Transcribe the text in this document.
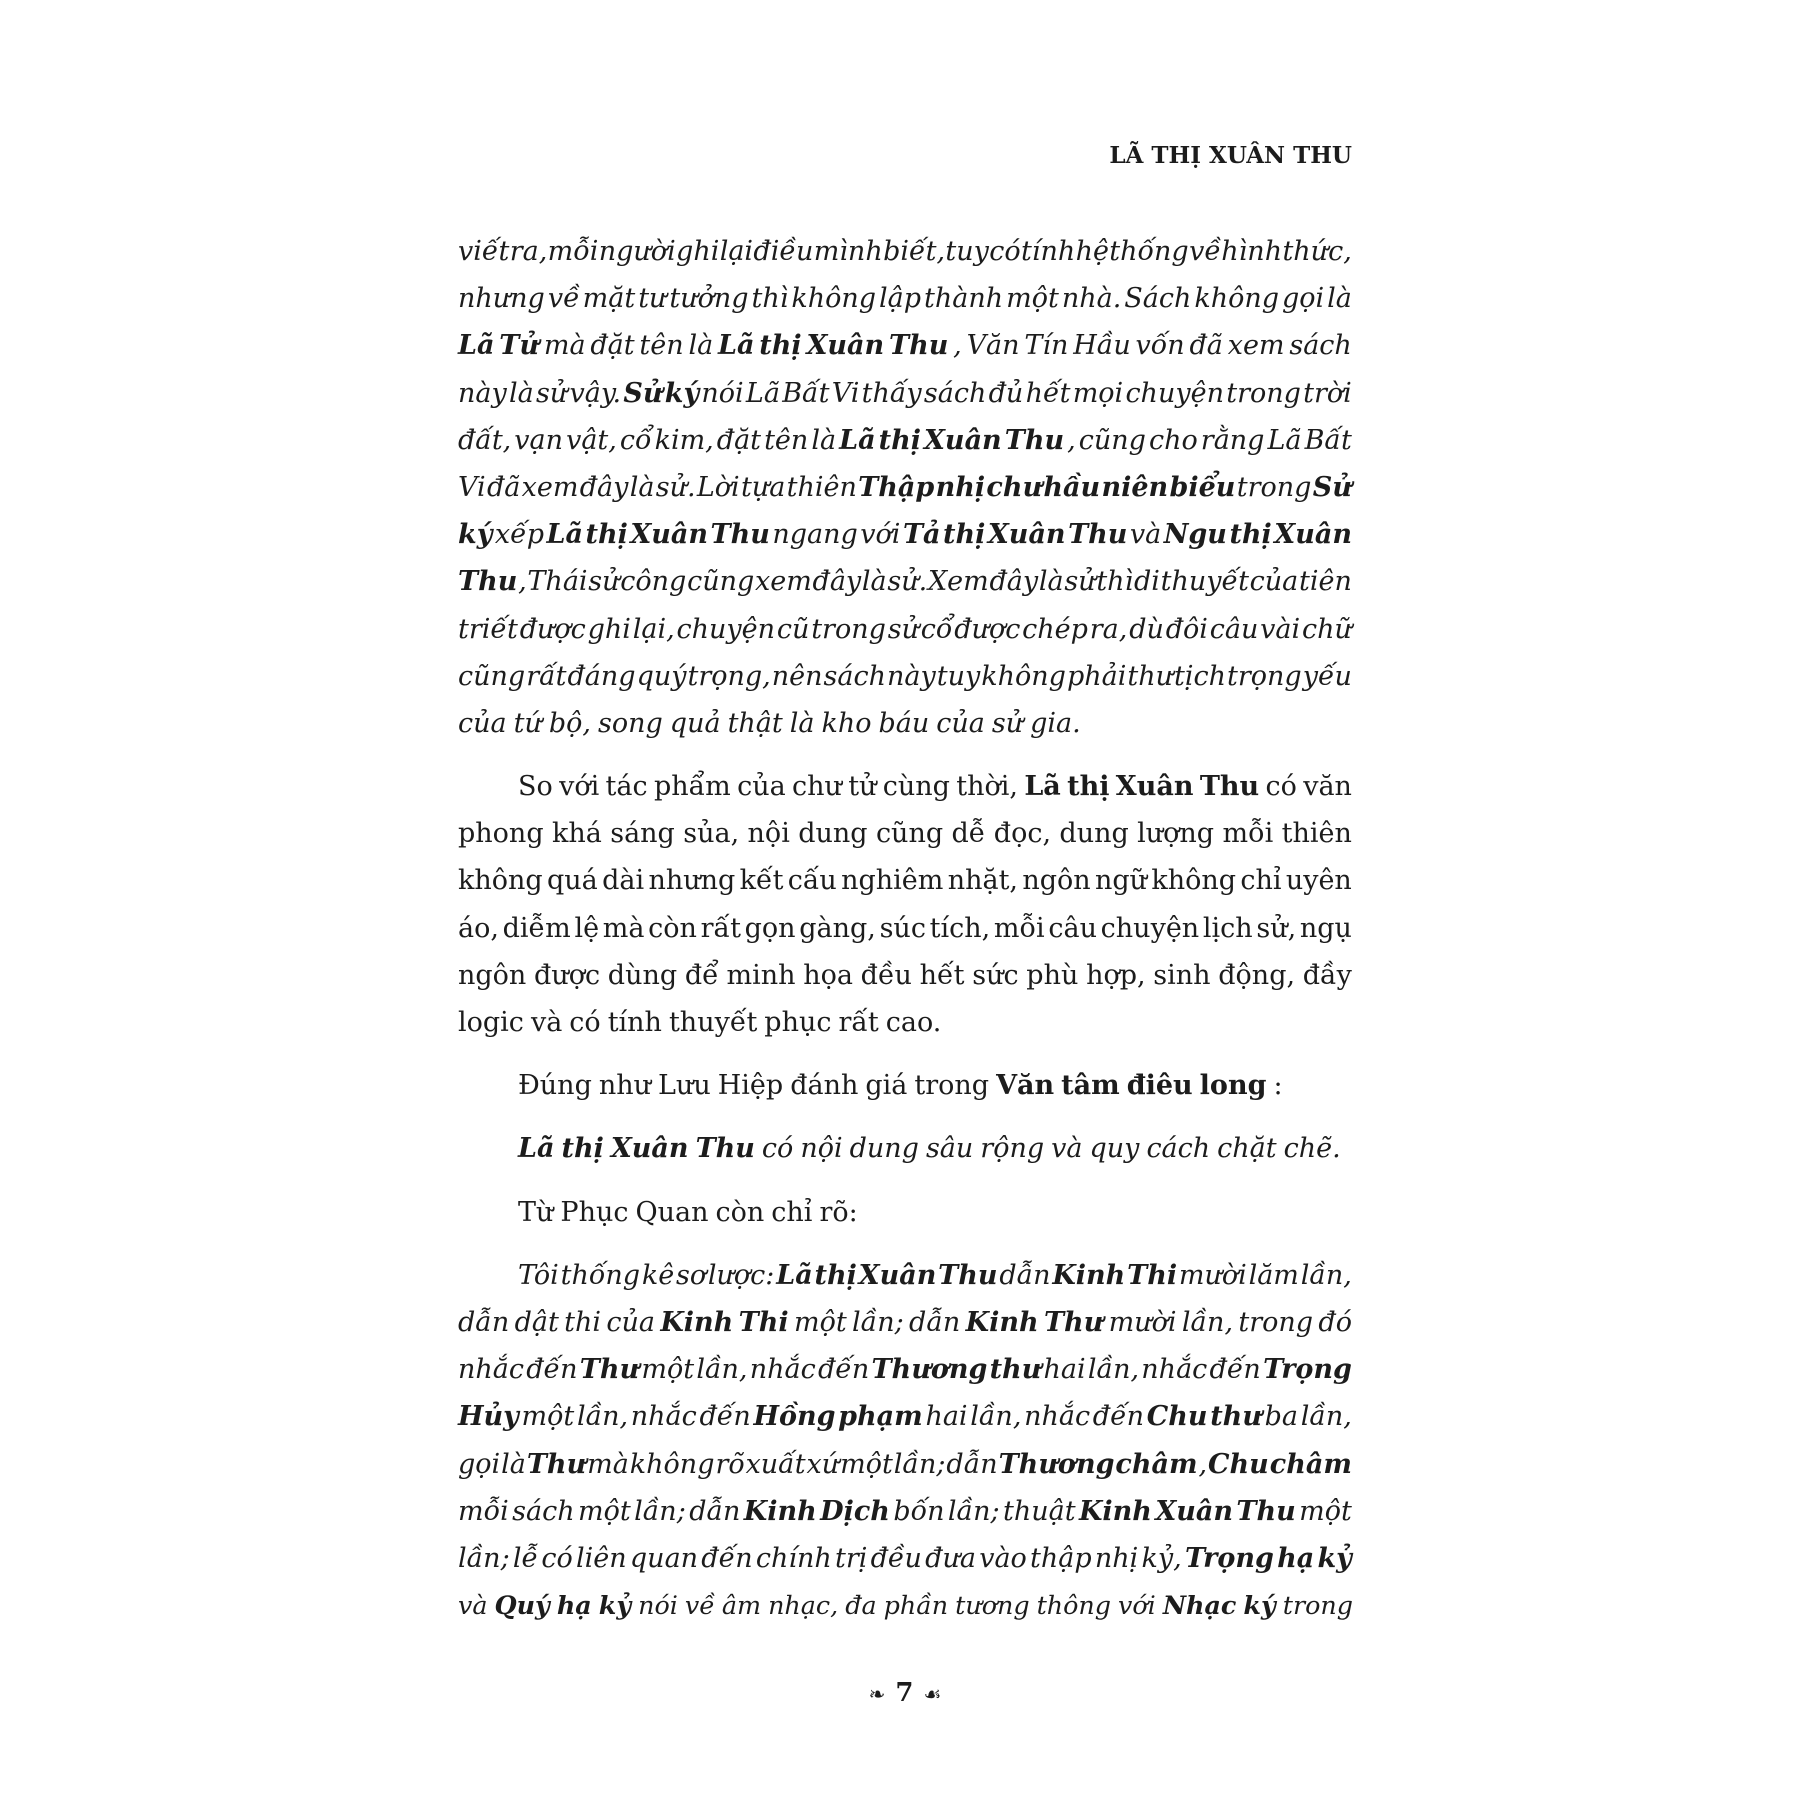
LÃ THỊ XUÂN THU
viết ra, mỗi người ghi lại điều mình biết, tuy có tính hệ thống về hình thức,
nhưng về mặt tư tưởng thì không lập thành một nhà. Sách không gọi là
Lã Tử mà đặt tên là Lã thị Xuân Thu , Văn Tín Hầu vốn đã xem sách
này là sử vậy. Sử ký nói Lã Bất Vi thấy sách đủ hết mọi chuyện trong trời
đất, vạn vật, cổ kim, đặt tên là Lã thị Xuân Thu , cũng cho rằng Lã Bất
Vi đã xem đây là sử. Lời tựa thiên Thập nhị chư hầu niên biểu trong Sử
ký xếp Lã thị Xuân Thu ngang với Tả thị Xuân Thu và Ngu thị Xuân
Thu , Thái sử công cũng xem đây là sử. Xem đây là sử thì di thuyết của tiên
triết được ghi lại, chuyện cũ trong sử cổ được chép ra, dù đôi câu vài chữ
cũng rất đáng quý trọng, nên sách này tuy không phải thư tịch trọng yếu
của tứ bộ, song quả thật là kho báu của sử gia.
So với tác phẩm của chư tử cùng thời, Lã thị Xuân Thu có văn
phong khá sáng sủa, nội dung cũng dễ đọc, dung lượng mỗi thiên
không quá dài nhưng kết cấu nghiêm nhặt, ngôn ngữ không chỉ uyên
áo, diễm lệ mà còn rất gọn gàng, súc tích, mỗi câu chuyện lịch sử, ngụ
ngôn được dùng để minh họa đều hết sức phù hợp, sinh động, đầy
logic và có tính thuyết phục rất cao.
Đúng như Lưu Hiệp đánh giá trong Văn tâm điêu long :
Lã thị Xuân Thu có nội dung sâu rộng và quy cách chặt chẽ.
Từ Phục Quan còn chỉ rõ:
Tôi thống kê sơ lược: Lã thị Xuân Thu dẫn Kinh Thi mười lăm lần,
dẫn dật thi của Kinh Thi một lần; dẫn Kinh Thư mười lần, trong đó
nhắc đến Thư một lần, nhắc đến Thương thư hai lần, nhắc đến Trọng
Hủy một lần, nhắc đến Hồng phạm hai lần, nhắc đến Chu thư ba lần,
gọi là Thư mà không rõ xuất xứ một lần; dẫn Thương châm , Chu châm
mỗi sách một lần; dẫn Kinh Dịch bốn lần; thuật Kinh Xuân Thu một
lần; lễ có liên quan đến chính trị đều đưa vào thập nhị kỷ, Trọng hạ kỷ
và Quý hạ kỷ nói về âm nhạc, đa phần tương thông với Nhạc ký trong
❧ 7 ☙
